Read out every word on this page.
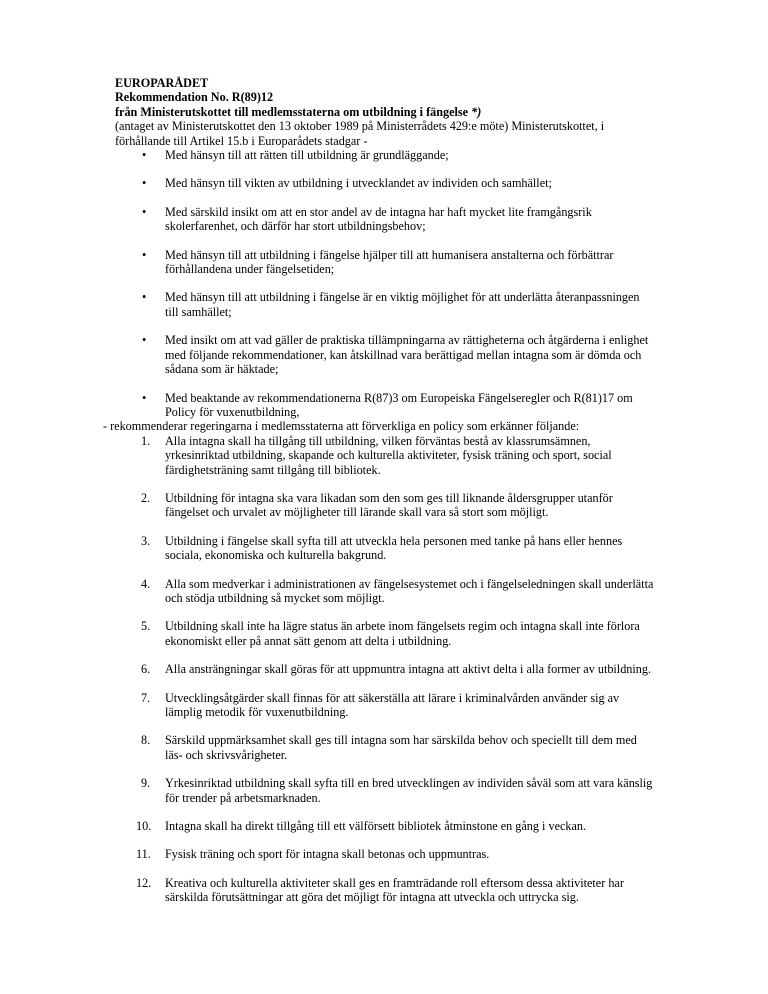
EUROPARÅDET
Rekommendation No. R(89)12
från Ministerutskottet till medlemsstaterna om utbildning i fängelse *)
(antaget av Ministerutskottet den 13 oktober 1989 på Ministerrådets 429:e möte) Ministerutskottet, i förhållande till Artikel 15.b i Europarådets stadgar -
• Med hänsyn till att rätten till utbildning är grundläggande;
• Med hänsyn till vikten av utbildning i utvecklandet av individen och samhället;
• Med särskild insikt om att en stor andel av de intagna har haft mycket lite framgångsrik skolerfarenhet, och därför har stort utbildningsbehov;
• Med hänsyn till att utbildning i fängelse hjälper till att humanisera anstalterna och förbättrar förhållandena under fängelsetiden;
• Med hänsyn till att utbildning i fängelse är en viktig möjlighet för att underlätta återanpassningen till samhället;
• Med insikt om att vad gäller de praktiska tillämpningarna av rättigheterna och åtgärderna i enlighet med följande rekommendationer, kan åtskillnad vara berättigad mellan intagna som är dömda och sådana som är häktade;
• Med beaktande av rekommendationerna R(87)3 om Europeiska Fängelseregler och R(81)17 om Policy för vuxenutbildning,
- rekommenderar regeringarna i medlemsstaterna att förverkliga en policy som erkänner följande:
1.	Alla intagna skall ha tillgång till utbildning, vilken förväntas bestå av klassrumsämnen, yrkesinriktad utbildning, skapande och kulturella aktiviteter, fysisk träning och sport, social färdighetsträning samt tillgång till bibliotek.
2.	Utbildning för intagna ska vara likadan som den som ges till liknande åldersgrupper utanför fängelset och urvalet av möjligheter till lärande skall vara så stort som möjligt.
3.	Utbildning i fängelse skall syfta till att utveckla hela personen med tanke på hans eller hennes sociala, ekonomiska och kulturella bakgrund.
4.	Alla som medverkar i administrationen av fängelsesystemet och i fängelseledningen skall underlätta och stödja utbildning så mycket som möjligt.
5.	Utbildning skall inte ha lägre status än arbete inom fängelsets regim och intagna skall inte förlora ekonomiskt eller på annat sätt genom att delta i utbildning.
6.	Alla ansträngningar skall göras för att uppmuntra intagna att aktivt delta i alla former av utbildning.
7.	Utvecklingsåtgärder skall finnas för att säkerställa att lärare i kriminalvården använder sig av lämplig metodik för vuxenutbildning.
8.	Särskild uppmärksamhet skall ges till intagna som har särskilda behov och speciellt till dem med läs- och skrivsvårigheter.
9.	Yrkesinriktad utbildning skall syfta till en bred utvecklingen av individen såväl som att vara känslig för trender på arbetsmarknaden.
10.	Intagna skall ha direkt tillgång till ett välförsett bibliotek åtminstone en gång i veckan.
11.	Fysisk träning och sport för intagna skall betonas och uppmuntras.
12.	Kreativa och kulturella aktiviteter skall ges en framträdande roll eftersom dessa aktiviteter har särskilda förutsättningar att göra det möjligt för intagna att utveckla och uttrycka sig.
